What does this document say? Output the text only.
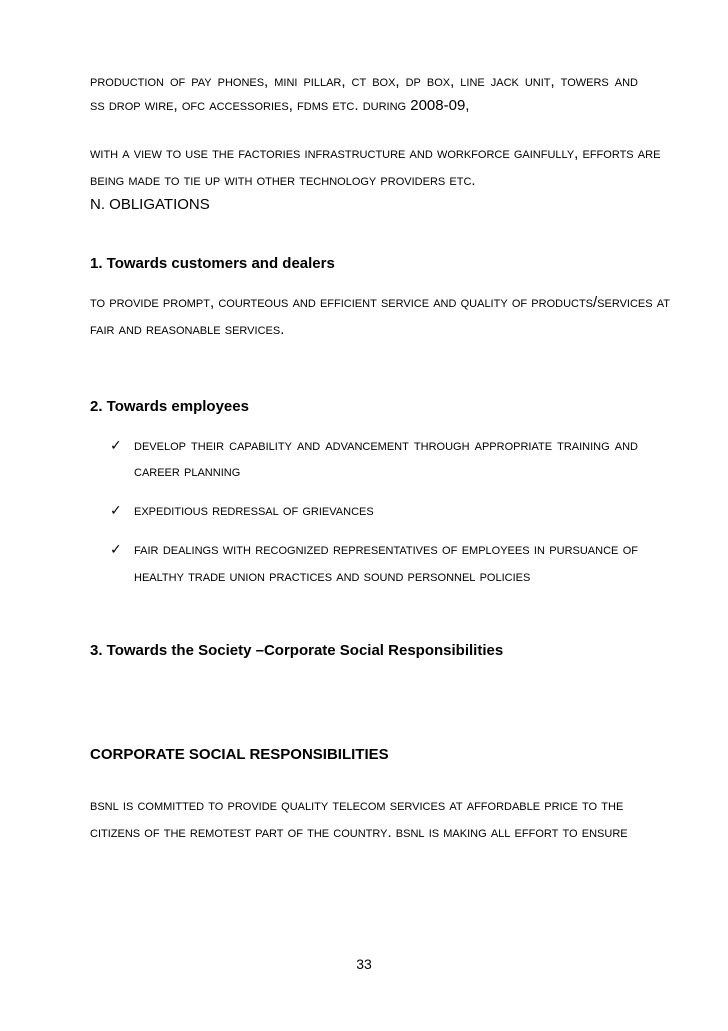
production of pay phones, mini pillar, ct box, dp box, line jack unit, towers and
ss drop wire, ofc accessories, fdms etc. during 2008-09,
with a view to use the factories infrastructure and workforce gainfully, efforts are
being made to tie up with other technology providers etc.
N. OBLIGATIONS
1. Towards customers and dealers
to provide prompt, courteous and efficient service and quality of products/services at
fair and reasonable services.
2. Towards employees
✓ develop their capability and advancement through appropriate training and
career planning
✓ expeditious redressal of grievances
✓ fair dealings with recognized representatives of employees in pursuance of
healthy trade union practices and sound personnel policies
3. Towards the Society –Corporate Social Responsibilities
CORPORATE SOCIAL RESPONSIBILITIES
bsnl is committed to provide quality telecom services at affordable price to the
citizens of the remotest part of the country. bsnl is making all effort to ensure
33
